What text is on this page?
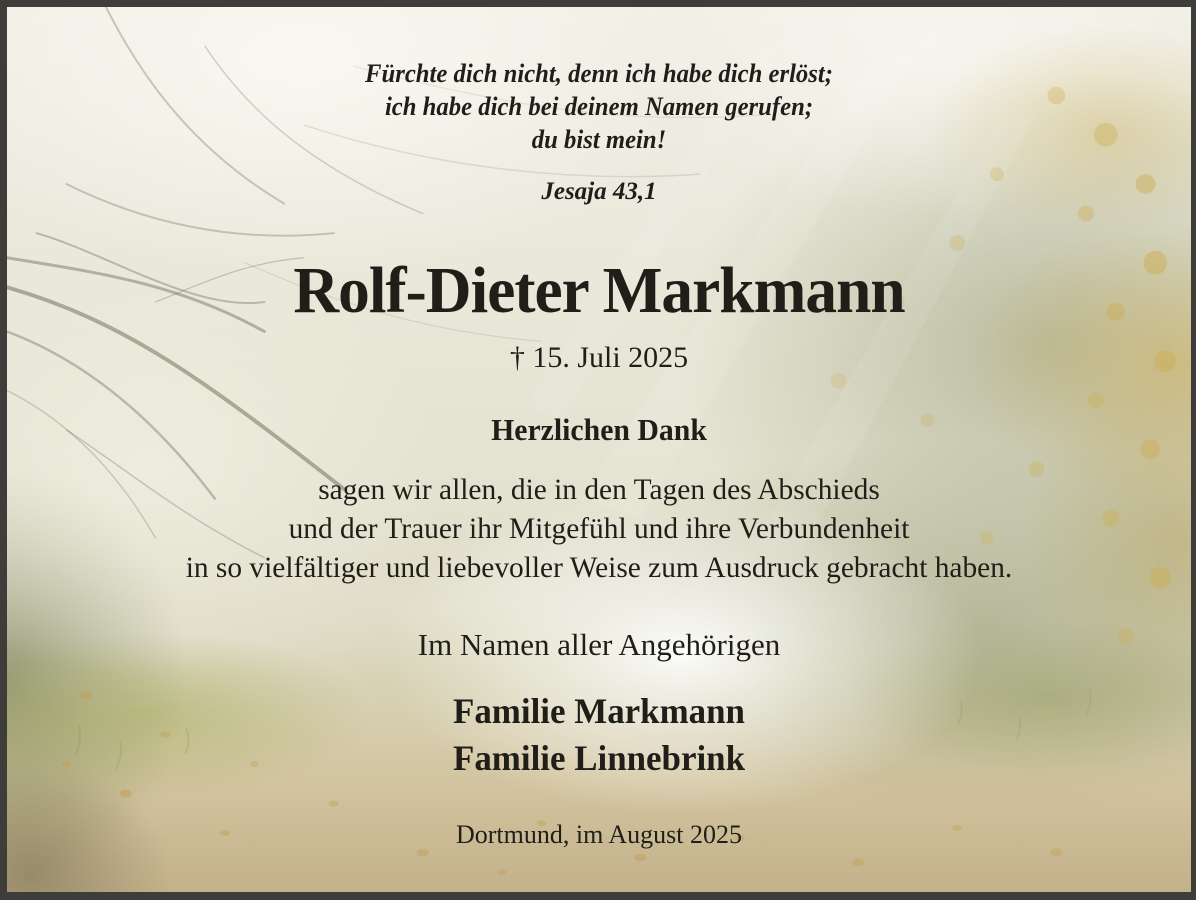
Fürchte dich nicht, denn ich habe dich erlöst;
ich habe dich bei deinem Namen gerufen;
du bist mein!
Jesaja 43,1
Rolf-Dieter Markmann
† 15. Juli 2025
Herzlichen Dank
sagen wir allen, die in den Tagen des Abschieds
und der Trauer ihr Mitgefühl und ihre Verbundenheit
in so vielfältiger und liebevoller Weise zum Ausdruck gebracht haben.
Im Namen aller Angehörigen
Familie Markmann
Familie Linnebrink
Dortmund, im August 2025
